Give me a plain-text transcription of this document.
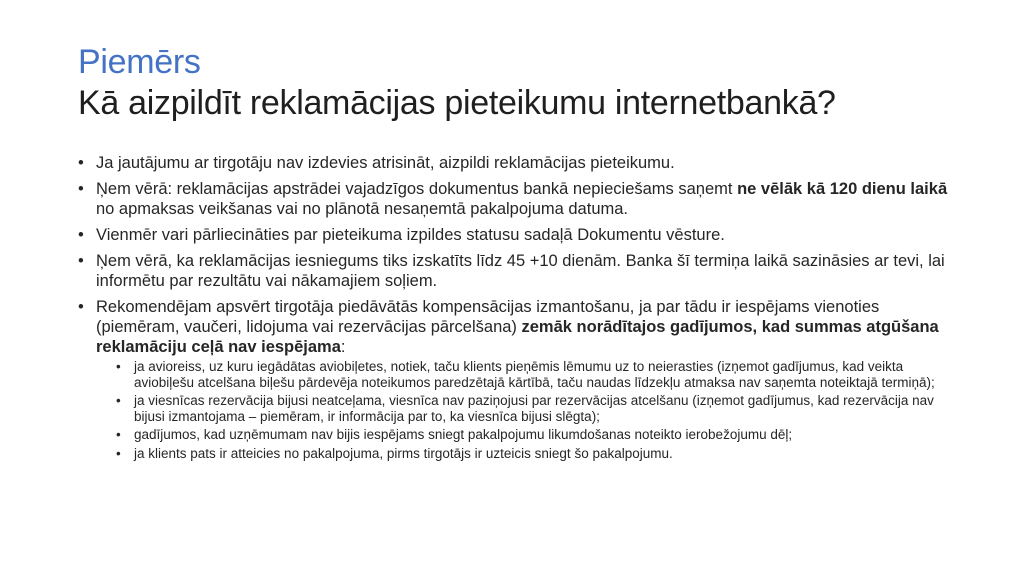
Piemērs
Kā aizpildīt reklamācijas pieteikumu internetbankā?
• Ja jautājumu ar tirgotāju nav izdevies atrisināt, aizpildi reklamācijas pieteikumu.
• Ņem vērā: reklamācijas apstrādei vajadzīgos dokumentus bankā nepieciešams saņemt ne vēlāk kā 120 dienu laikā no apmaksas veikšanas vai no plānotā nesaņemtā pakalpojuma datuma.
• Vienmēr vari pārliecināties par pieteikuma izpildes statusu sadaļā Dokumentu vēsture.
• Ņem vērā, ka reklamācijas iesniegums tiks izskatīts līdz 45 +10 dienām. Banka šī termiņa laikā sazināsies ar tevi, lai informētu par rezultātu vai nākamajiem soļiem.
• Rekomendējam apsvērt tirgotāja piedāvātās kompensācijas izmantošanu, ja par tādu ir iespējams vienoties (piemēram, vaučeri, lidojuma vai rezervācijas pārcelšana) zemāk norādītajos gadījumos, kad summas atgūšana reklamāciju ceļā nav iespējama:
• ja avioreiss, uz kuru iegādātas aviobiļetes, notiek, taču klients pieņēmis lēmumu uz to neierasties (izņemot gadījumus, kad veikta aviobiļešu atcelšana biļešu pārdevēja noteikumos paredzētajā kārtībā, taču naudas līdzekļu atmaksa nav saņemta noteiktajā termiņā);
• ja viesnīcas rezervācija bijusi neatceļama, viesnīca nav paziņojusi par rezervācijas atcelšanu (izņemot gadījumus, kad rezervācija nav bijusi izmantojama – piemēram, ir informācija par to, ka viesnīca bijusi slēgta);
• gadījumos, kad uzņēmumam nav bijis iespējams sniegt pakalpojumu likumdošanas noteikto ierobežojumu dēļ;
• ja klients pats ir atteicies no pakalpojuma, pirms tirgotājs ir uzteicis sniegt šo pakalpojumu.
